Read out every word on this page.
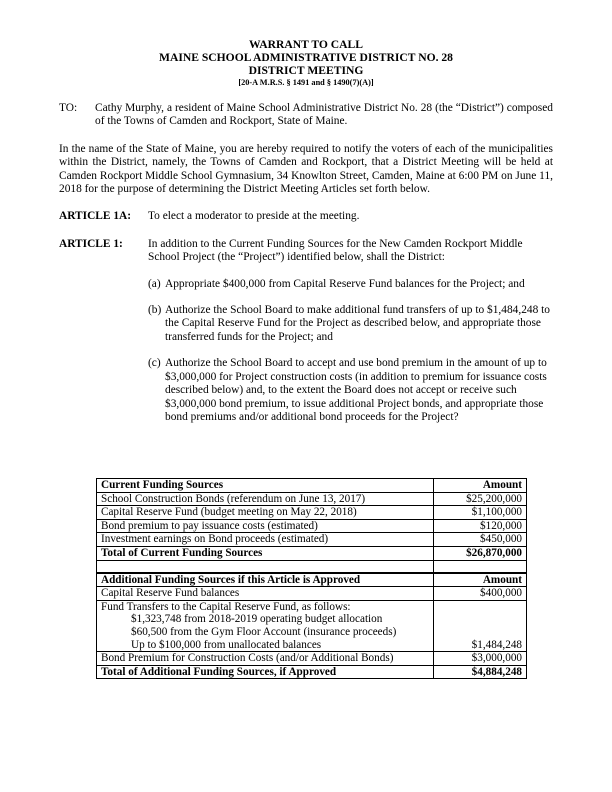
WARRANT TO CALL
MAINE SCHOOL ADMINISTRATIVE DISTRICT NO. 28
DISTRICT MEETING
[20-A M.R.S. § 1491 and § 1490(7)(A)]
TO:	Cathy Murphy, a resident of Maine School Administrative District No. 28 (the “District”) composed of the Towns of Camden and Rockport, State of Maine.
In the name of the State of Maine, you are hereby required to notify the voters of each of the municipalities within the District, namely, the Towns of Camden and Rockport, that a District Meeting will be held at Camden Rockport Middle School Gymnasium, 34 Knowlton Street, Camden, Maine at 6:00 PM on June 11, 2018 for the purpose of determining the District Meeting Articles set forth below.
ARTICLE 1A:	To elect a moderator to preside at the meeting.
ARTICLE 1:	In addition to the Current Funding Sources for the New Camden Rockport Middle School Project (the “Project”) identified below, shall the District:
(a) Appropriate $400,000 from Capital Reserve Fund balances for the Project; and
(b) Authorize the School Board to make additional fund transfers of up to $1,484,248 to the Capital Reserve Fund for the Project as described below, and appropriate those transferred funds for the Project; and
(c) Authorize the School Board to accept and use bond premium in the amount of up to $3,000,000 for Project construction costs (in addition to premium for issuance costs described below) and, to the extent the Board does not accept or receive such $3,000,000 bond premium, to issue additional Project bonds, and appropriate those bond premiums and/or additional bond proceeds for the Project?
Current Funding Sources	Amount
School Construction Bonds (referendum on June 13, 2017)	$25,200,000
Capital Reserve Fund (budget meeting on May 22, 2018)	$1,100,000
Bond premium to pay issuance costs (estimated)	$120,000
Investment earnings on Bond proceeds (estimated)	$450,000
Total of Current Funding Sources	$26,870,000

Additional Funding Sources if this Article is Approved	Amount
Capital Reserve Fund balances	$400,000

Fund Transfers to the Capital Reserve Fund, as follows:
$1,323,748 from 2018-2019 operating budget allocation
$60,500 from the Gym Floor Account (insurance proceeds)
Up to $100,000 from unallocated balances	$1,484,248
Bond Premium for Construction Costs (and/or Additional Bonds)	$3,000,000
Total of Additional Funding Sources, if Approved	$4,884,248
